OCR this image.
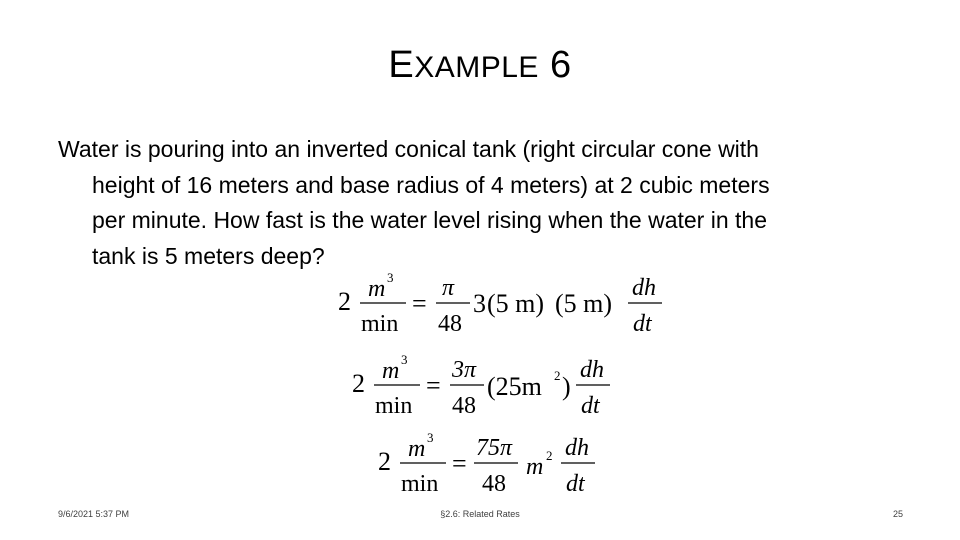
EXAMPLE 6
Water is pouring into an inverted conical tank (right circular cone with
height of 16 meters and base radius of 4 meters) at 2 cubic meters
per minute. How fast is the water level rising when the water in the
tank is 5 meters deep?
2 m 3
min
=
π
48
3 (5 m) (5 m)
dh
dt
2 m 3
min
=
3π
48
(25m 2 )
dh
dt
2 m 3
min
=
75π
48
m 2 dh
dt
9/6/2021 5:37 PM	§2.6: Related Rates	25
